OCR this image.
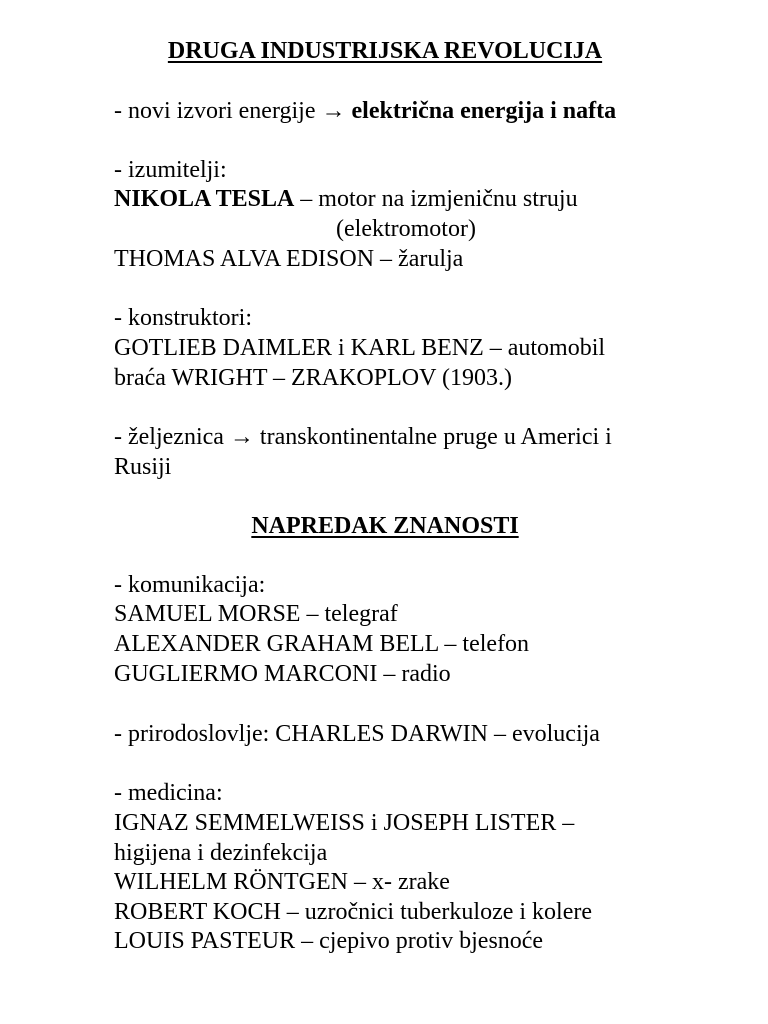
DRUGA INDUSTRIJSKA REVOLUCIJA
- novi izvori energije → električna energija i nafta
- izumitelji:
NIKOLA TESLA – motor na izmjeničnu struju
(elektromotor)
THOMAS ALVA EDISON – žarulja
- konstruktori:
GOTLIEB DAIMLER i KARL BENZ – automobil
braća WRIGHT – ZRAKOPLOV (1903.)
- željeznica → transkontinentalne pruge u Americi i
Rusiji
NAPREDAK ZNANOSTI
- komunikacija:
SAMUEL MORSE – telegraf
ALEXANDER GRAHAM BELL – telefon
GUGLIERMO MARCONI – radio
- prirodoslovlje: CHARLES DARWIN – evolucija
- medicina:
IGNAZ SEMMELWEISS i JOSEPH LISTER –
higijena i dezinfekcija
WILHELM RÖNTGEN – x- zrake
ROBERT KOCH – uzročnici tuberkuloze i kolere
LOUIS PASTEUR – cjepivo protiv bjesnoće
